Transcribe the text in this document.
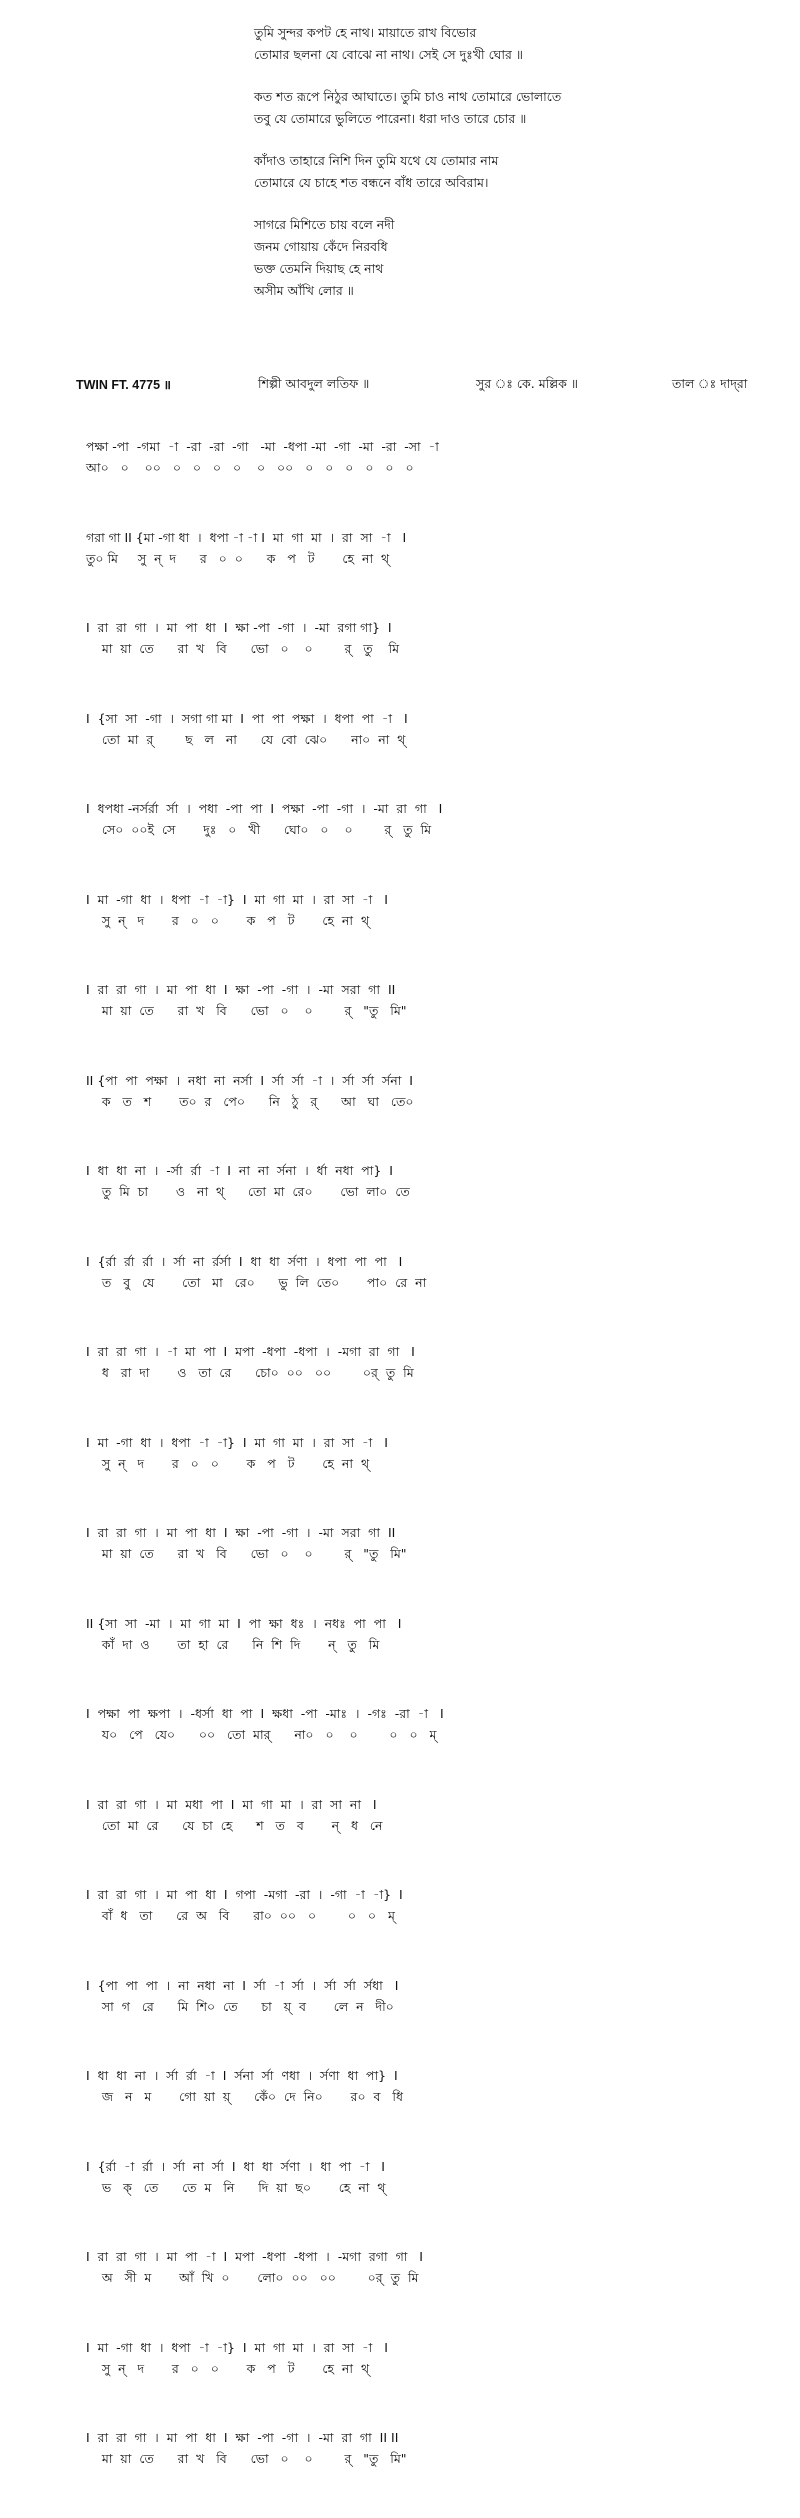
তুমি সুন্দর কপট হে নাথ। মায়াতে রাখ বিভোর
তোমার ছলনা যে বোঝে না নাথ। সেই সে দুঃখী ঘোর ॥
কত শত রূপে নিঠুর আঘাতে। তুমি চাও নাথ তোমারে ভোলাতে
তবু যে তোমারে ভুলিতে পারেনা। ধরা দাও তারে চোর ॥
কাঁদাও তাহারে নিশি দিন তুমি যথে যে তোমার নাম
তোমারে যে চাহে শত বন্ধনে বাঁধ তারে অবিরাম।
সাগরে মিশিতে চায় বলে নদী
জনম গোয়ায় কেঁদে নিরবধি
ভক্ত তেমনি দিয়াছ হে নাথ
অসীম আঁখি লোর ॥
TWIN FT. 4775 ॥	শিল্পী আবদুল লতিফ ॥	সুর ঃ কে. মল্লিক ॥	তাল ঃ দাদ্‌রা
পক্ষা -পা  -গমা  -া  -রা  -রা  -গা   -মা  -ধপা -মা  -গা  -মা  -রা  -সা  -া
আ০   ০    ০০   ০   ০   ০   ০    ০   ০০   ০   ০   ০   ০   ০   ০
গরা গা II {মা -গা ধা  ।  ধপা -া -া I  মা  গা  মা  ।  রা  সা  -া   I
তু০ মি     সু  ন্  দ      র   ০  ০      ক   প   ট       হে  না  থ্
I  রা  রা  গা  ।  মা  পা  ধা  I  ক্ষা -পা  -গা  ।  -মা  রগা গা}  I
মা  য়া  তে      রা  খ   বি      ভো   ০    ০        র্   তু    মি
I  {সা  সা  -গা  ।  সগা গা মা  I  পা  পা  পক্ষা  ।  ধপা  পা  -া   I
তো  মা  র্        ছ   ল   না      যে  বো  ঝে০      না০  না  থ্
I  ধপধা -নর্সর্রা  র্সা  ।  পধা  -পা  পা  I  পক্ষা  -পা  -গা  ।  -মা  রা  গা   I
সে০  ০০ই  সে       দুঃ   ০   খী      ঘো০   ০    ০        র্   তু  মি
I  মা  -গা  ধা  ।  ধপা  -া  -া}  I  মা  গা  মা  ।  রা  সা  -া   I
সু  ন্   দ       র   ০   ০       ক   প   ট       হে  না  থ্
I  রা  রা  গা  ।  মা  পা  ধা  I  ক্ষা  -পা  -গা  ।  -মা  সরা  গা  II
মা  য়া  তে      রা  খ   বি      ভো   ০    ০        র্   "তু   মি"
II {পা  পা  পক্ষা  ।  নধা  না  নর্সা  I  র্সা  র্সা  -া  ।  র্সা  র্সা  র্সনা  I
ক   ত   শ       ত০  র   পে০      নি   ঠু   র্      আ   ঘা   তে০
I  ধা  ধা  না  ।  -র্সা  র্রা  -া  I  না  না  র্সনা  ।  র্ধা  নধা  পা}  I
তু  মি  চা       ও   না  থ্      তো  মা  রে০       ভো  লা০  তে
I  {র্রা  র্রা  র্রা  ।  র্সা  না  র্রর্সা  I  ধা  ধা  র্সণা  ।  ধপা  পা  পা   I
ত   বু   যে       তো   মা   রে০      ভু  লি  তে০       পা০  রে  না
I  রা  রা  গা  ।  -া  মা  পা  I  মপা  -ধপা  -ধপা  ।  -মগা  রা  গা   I
ধ   রা  দা       ও   তা  রে      চো০  ০০   ০০        ০র্  তু  মি
I  মা  -গা  ধা  ।  ধপা  -া  -া}  I  মা  গা  মা  ।  রা  সা  -া   I
সু  ন্   দ       র   ০   ০       ক   প   ট       হে  না  থ্
I  রা  রা  গা  ।  মা  পা  ধা  I  ক্ষা  -পা  -গা  ।  -মা  সরা  গা  II
মা  য়া  তে      রা  খ   বি      ভো   ০    ০        র্   "তু   মি"
II {সা  সা  -মা  ।  মা  গা  মা  I  পা  ক্ষা  ধঃ  ।  নধঃ  পা  পা   I
কাঁ  দা  ও       তা  হা  রে      নি  শি  দি       ন্   তু   মি
I  পক্ষা  পা  ক্ষপা  ।  -ধর্সা  ধা  পা  I  ক্ষধা  -পা  -মাঃ  ।  -গঃ  -রা  -া   I
য০   পে   যে০      ০০   তো  মার্      না০   ০    ০        ০   ০   ম্
I  রা  রা  গা  ।  মা  মধা  পা  I  মা  গা  মা  ।  রা  সা  না   I
তো  মা  রে      যে  চা  হে      শ   ত   ব       ন্   ধ   নে
I  রা  রা  গা  ।  মা  পা  ধা  I  গপা  -মগা  -রা  ।  -গা  -া  -া}  I
বাঁ  ধ   তা      রে  অ   বি      রা০  ০০   ০        ০   ০   ম্
I  {পা  পা  পা  ।  না  নধা  না  I  র্সা  -া  র্সা  ।  র্সা  র্সা  র্সধা   I
সা  গ   রে      মি  শি০  তে      চা   য়্  ব       লে  ন   দী০
I  ধা  ধা  না  ।  র্সা  র্রা  -া  I  র্সনা  র্সা  ণধা  ।  র্সণা  ধা  পা}  I
জ   ন   ম       গো  য়া  য়্      কেঁ০  দে  নি০       র০  ব   ধি
I  {র্রা  -া  র্রা  ।  র্সা  না  র্সা  I  ধা  ধা  র্সণা  ।  ধা  পা  -া   I
ভ   ক্   তে      তে  ম   নি      দি  য়া  ছ০       হে  না  থ্
I  রা  রা  গা  ।  মা  পা  -া  I  মপা  -ধপা  -ধপা  ।  -মগা  রগা  গা   I
অ   সী  ম       আঁ  খি  ০       লো০  ০০   ০০        ০র্  তু  মি
I  মা  -গা  ধা  ।  ধপা  -া  -া}  I  মা  গা  মা  ।  রা  সা  -া   I
সু  ন্   দ       র   ০   ০       ক   প   ট       হে  না  থ্
I  রা  রা  গা  ।  মা  পা  ধা  I  ক্ষা  -পা  -গা  ।  -মা  রা  গা  II II
মা  য়া  তে      রা  খ   বি      ভো   ০    ০        র্   "তু   মি"
